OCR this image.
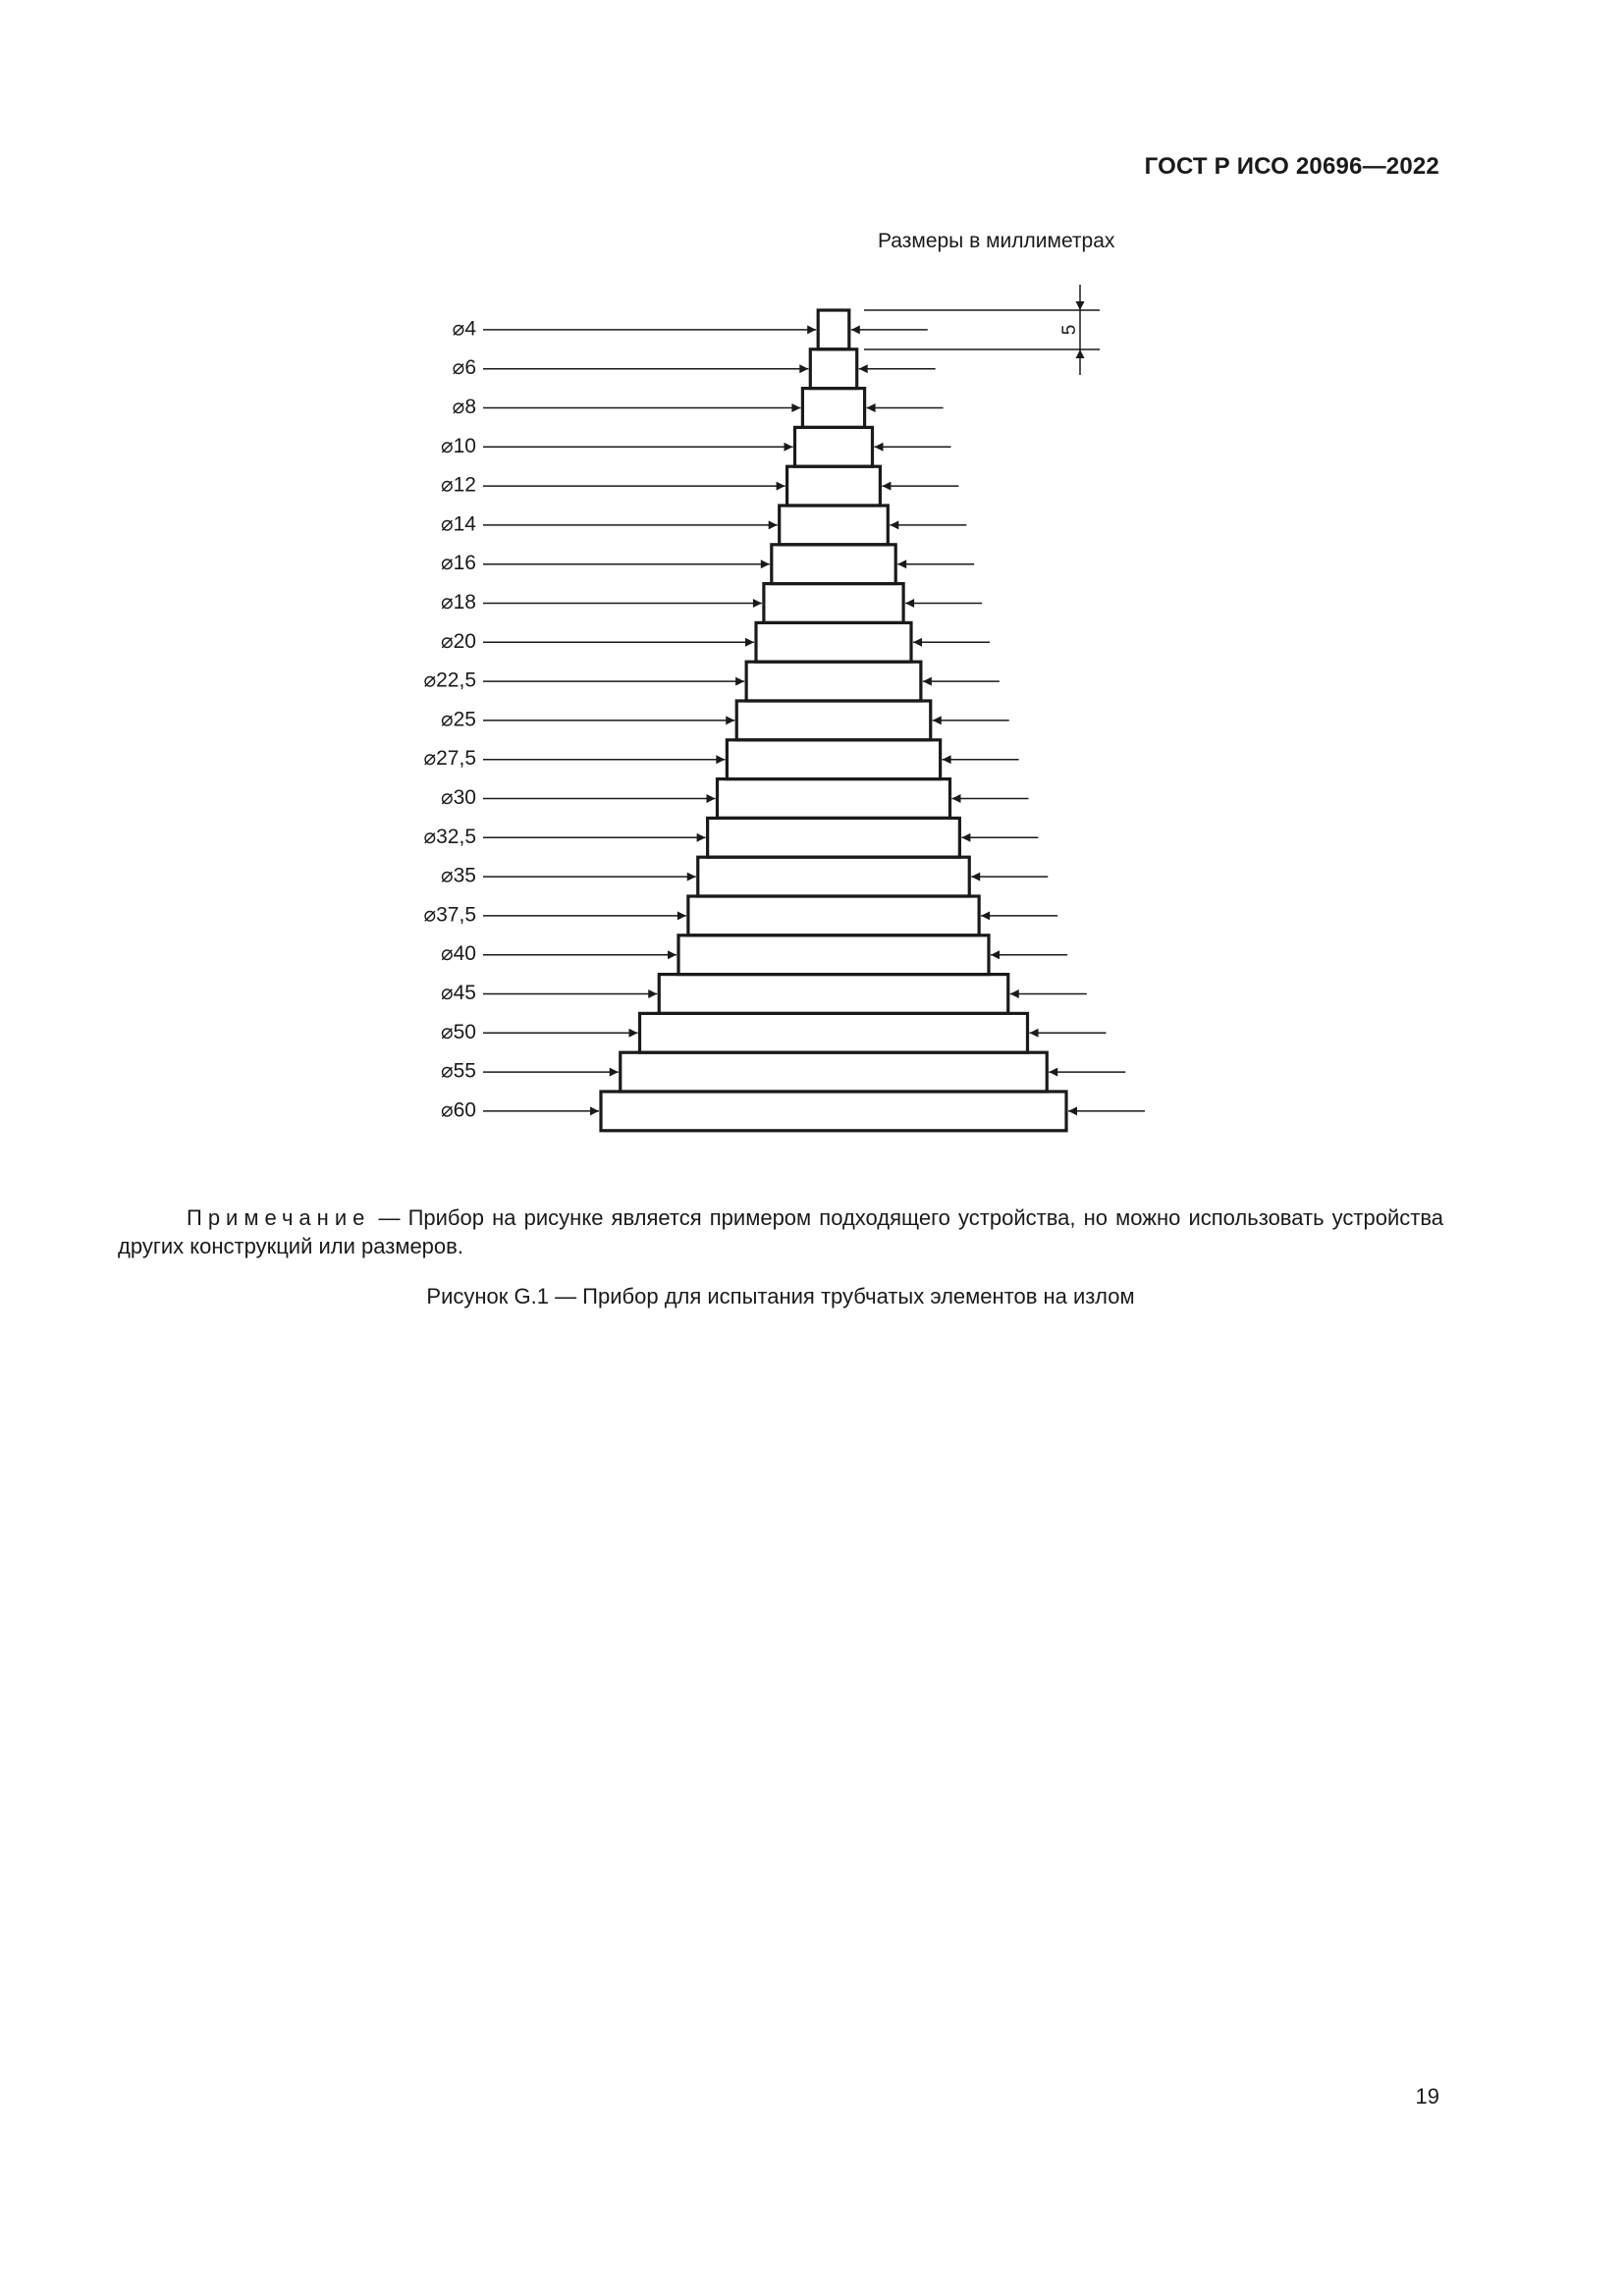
ГОСТ Р ИСО 20696—2022
Размеры в миллиметрах
⌀4
⌀6
⌀8
⌀10
⌀12
⌀14
⌀16
⌀18
⌀20
⌀22,5
⌀25
⌀27,5
⌀30
⌀32,5
⌀35
⌀37,5
⌀40
⌀45
⌀50
⌀55
⌀60
5
Примечание — Прибор на рисунке является примером подходящего устройства, но можно использовать устройства других конструкций или размеров.
Рисунок G.1 — Прибор для испытания трубчатых элементов на излом
19
